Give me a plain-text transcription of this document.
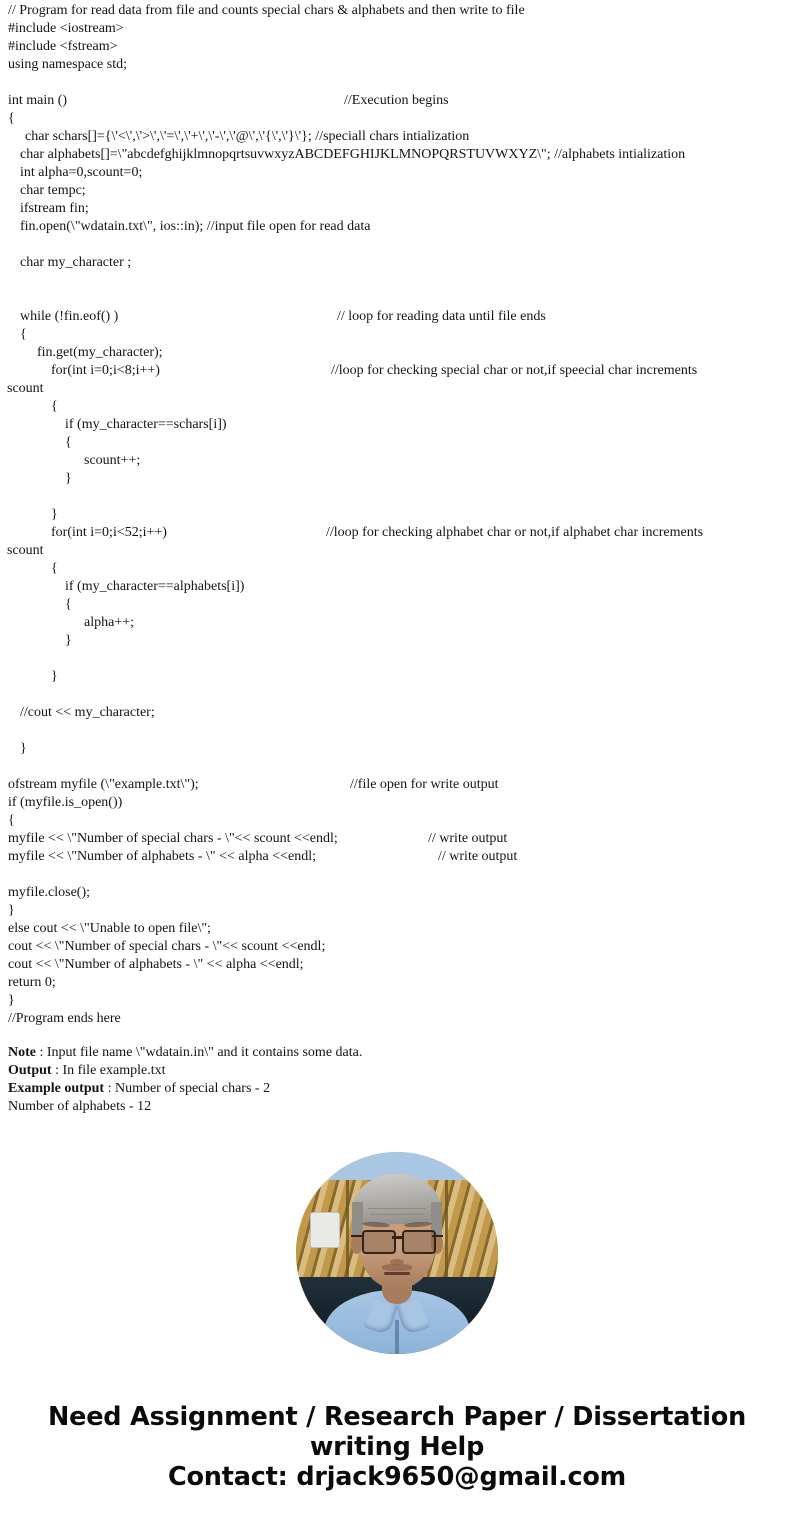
// Program for read data from file and counts special chars & alphabets and then write to file
#include <iostream>
#include <fstream>
using namespace std;
int main ()	//Execution begins
{
char schars[]={\'<\',\'>\',\'=\',\'+\',\'-\',\'@\',\'{\',\'}\'}; //speciall chars intialization
char alphabets[]=\"abcdefghijklmnopqrtsuvwxyzABCDEFGHIJKLMNOPQRSTUVWXYZ\"; //alphabets intialization
int alpha=0,scount=0;
char tempc;
ifstream fin;
fin.open(\"wdatain.txt\", ios::in); //input file open for read data
char my_character ;
while (!fin.eof() )	// loop for reading data until file ends
{
fin.get(my_character);
for(int i=0;i<8;i++)	//loop for checking special char or not,if speecial char increments
scount
{
if (my_character==schars[i])
{
scount++;
}
}
for(int i=0;i<52;i++)	//loop for checking alphabet char or not,if alphabet char increments
scount
{
if (my_character==alphabets[i])
{
alpha++;
}
}
//cout << my_character;
}
ofstream myfile (\"example.txt\");	//file open for write output
if (myfile.is_open())
{
myfile << \"Number of special chars - \"<< scount <<endl;	// write output
myfile << \"Number of alphabets - \" << alpha <<endl;	// write output
myfile.close();
}
else cout << \"Unable to open file\";
cout << \"Number of special chars - \"<< scount <<endl;
cout << \"Number of alphabets - \" << alpha <<endl;
return 0;
}
//Program ends here
Note : Input file name \"wdatain.in\" and it contains some data.
Output : In file example.txt
Example output : Number of special chars - 2
Number of alphabets - 12
Need Assignment / Research Paper / Dissertation
writing Help
Contact: drjack9650@gmail.com
